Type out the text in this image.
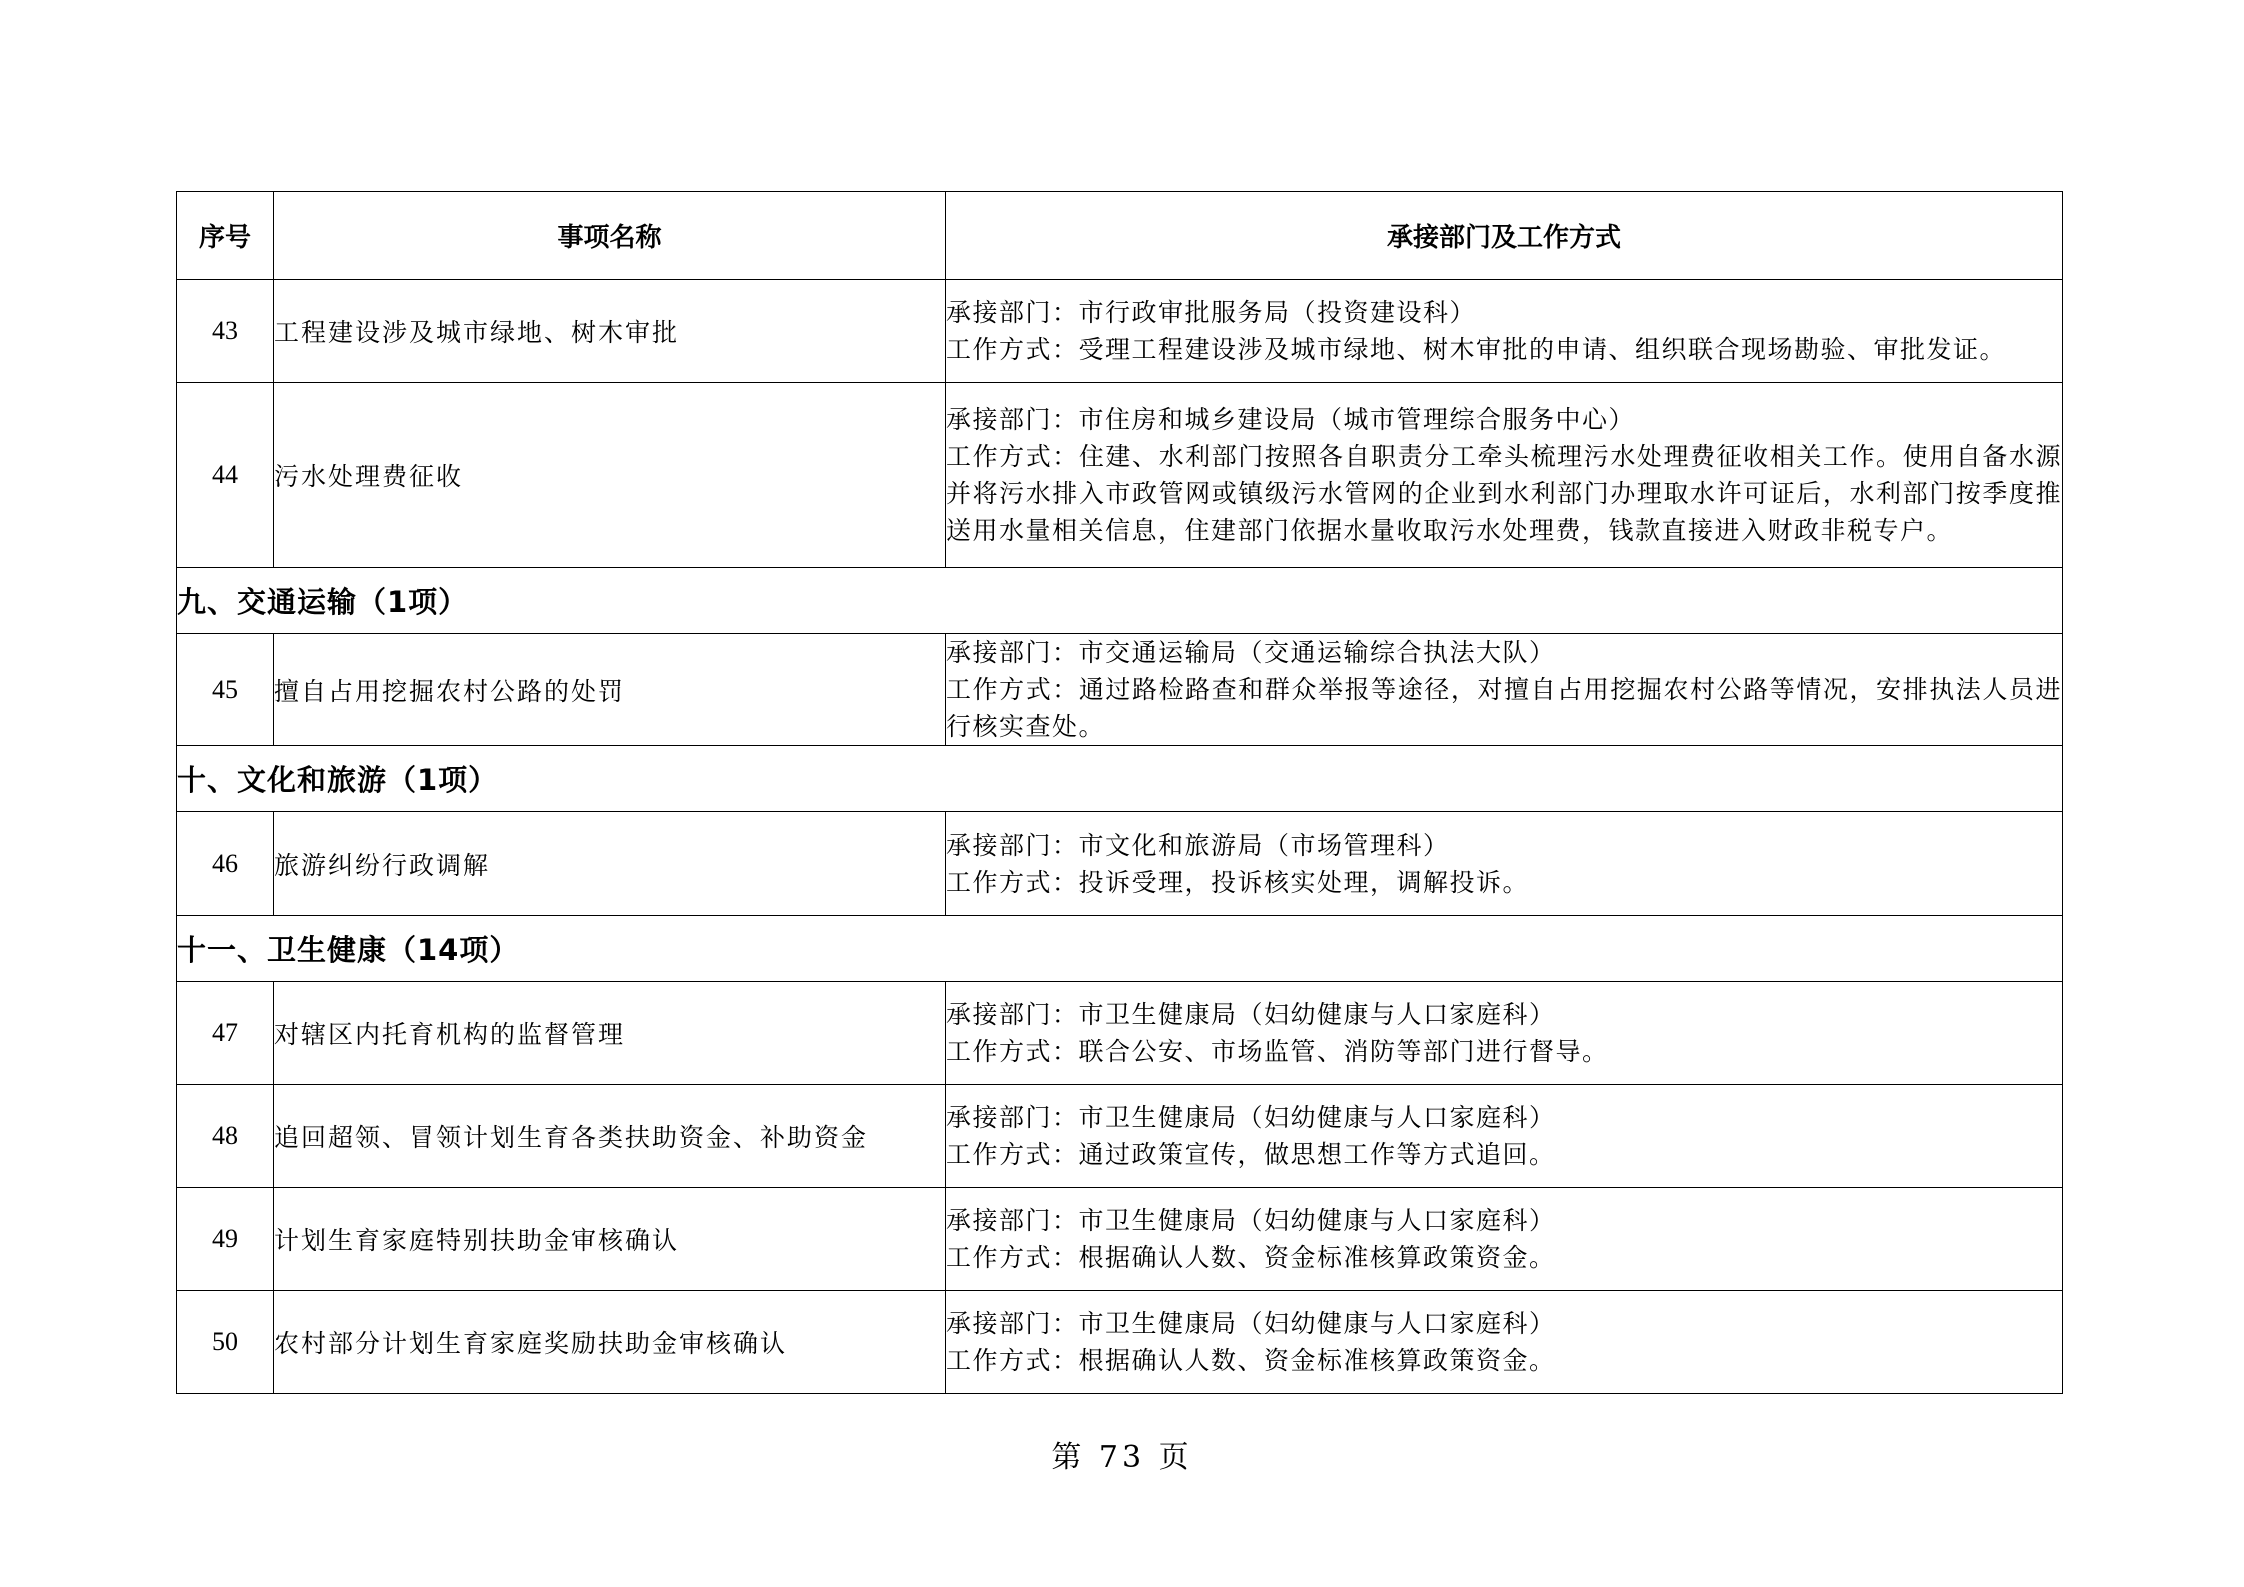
序号	事项名称	承接部门及工作方式
43	工程建设涉及城市绿地、树木审批	承接部门：市行政审批服务局（投资建设科）
工作方式：受理工程建设涉及城市绿地、树木审批的申请、组织联合现场勘验、审批发证。

44	污水处理费征收	承接部门：市住房和城乡建设局（城市管理综合服务中心）
工作方式：住建、水利部门按照各自职责分工牵头梳理污水处理费征收相关工作。使用自备水源并将污水排入市政管网或镇级污水管网的企业到水利部门办理取水许可证后，水利部门按季度推送用水量相关信息，住建部门依据水量收取污水处理费，钱款直接进入财政非税专户。

九、交通运输（1项）		
45	擅自占用挖掘农村公路的处罚	承接部门：市交通运输局（交通运输综合执法大队）
工作方式：通过路检路查和群众举报等途径，对擅自占用挖掘农村公路等情况，安排执法人员进行核实查处。

十、文化和旅游（1项）		
46	旅游纠纷行政调解	承接部门：市文化和旅游局（市场管理科）
工作方式：投诉受理，投诉核实处理，调解投诉。

十一、卫生健康（14项）		
47	对辖区内托育机构的监督管理	承接部门：市卫生健康局（妇幼健康与人口家庭科）
工作方式：联合公安、市场监管、消防等部门进行督导。

48	追回超领、冒领计划生育各类扶助资金、补助资金	承接部门：市卫生健康局（妇幼健康与人口家庭科）
工作方式：通过政策宣传，做思想工作等方式追回。

49	计划生育家庭特别扶助金审核确认	承接部门：市卫生健康局（妇幼健康与人口家庭科）
工作方式：根据确认人数、资金标准核算政策资金。

50	农村部分计划生育家庭奖励扶助金审核确认	承接部门：市卫生健康局（妇幼健康与人口家庭科）
工作方式：根据确认人数、资金标准核算政策资金。
第 73 页
